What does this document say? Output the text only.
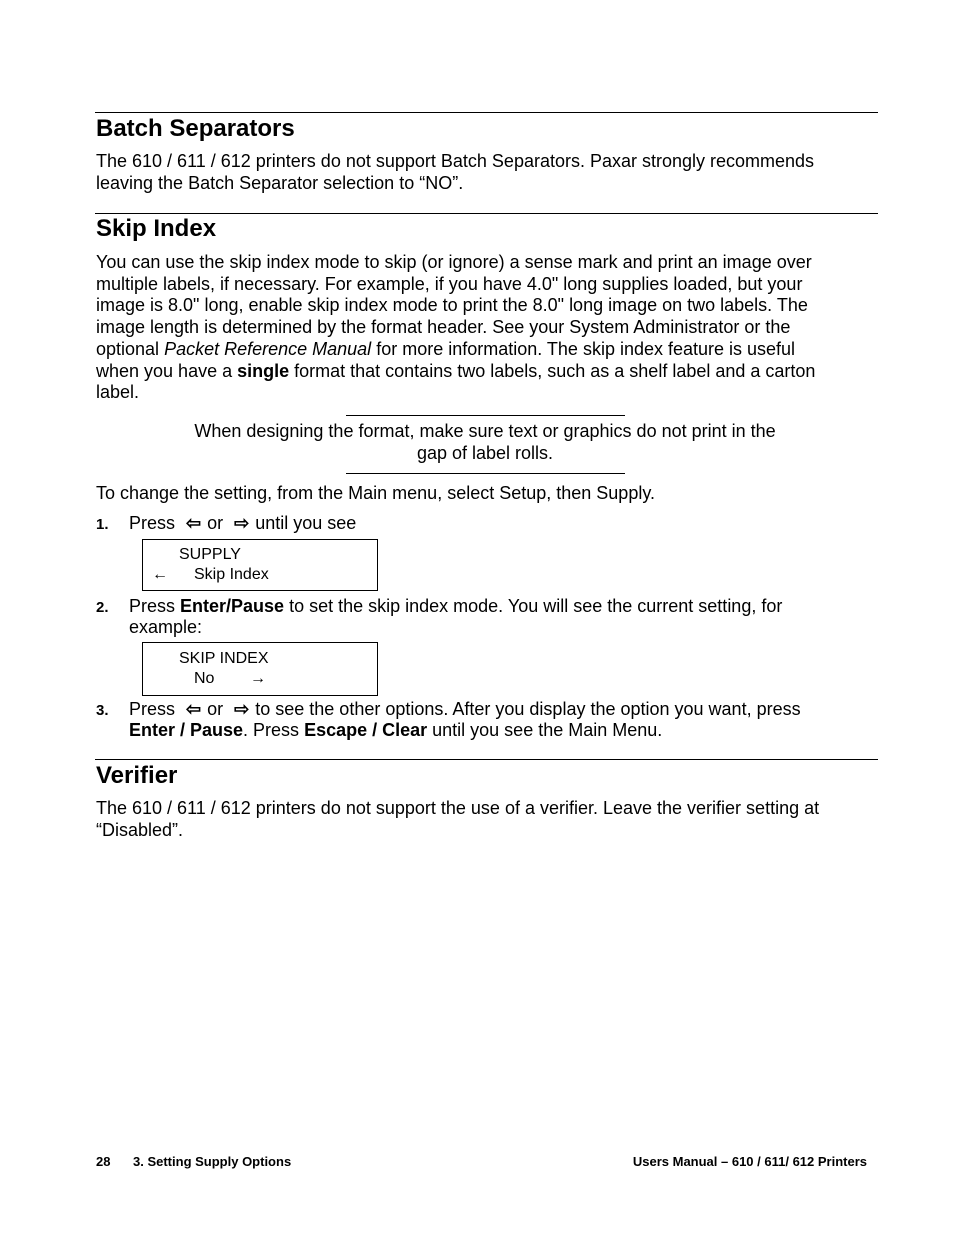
Batch Separators

The 610 / 611 / 612 printers do not support Batch Separators. Paxar strongly recommends
leaving the Batch Separator selection to “NO”.

Skip Index

You can use the skip index mode to skip (or ignore) a sense mark and print an image over
multiple labels, if necessary. For example, if you have 4.0" long supplies loaded, but your
image is 8.0" long, enable skip index mode to print the 8.0" long image on two labels. The
image length is determined by the format header. See your System Administrator or the
optional Packet Reference Manual for more information. The skip index feature is useful
when you have a single format that contains two labels, such as a shelf label and a carton
label.

When designing the format, make sure text or graphics do not print in the
gap of label rolls.

To change the setting, from the Main menu, select Setup, then Supply.

1. Press ⇦ or ⇨ until you see

SUPPLY
← Skip Index
2. Press Enter/Pause to set the skip index mode. You will see the current setting, for
example:

SKIP INDEX
No →
3. Press ⇦ or ⇨ to see the other options. After you display the option you want, press
Enter / Pause. Press Escape / Clear until you see the Main Menu.

Verifier

The 610 / 611 / 612 printers do not support the use of a verifier. Leave the verifier setting at
“Disabled”.

28 3. Setting Supply Options	Users Manual – 610 / 611/ 612 Printers
